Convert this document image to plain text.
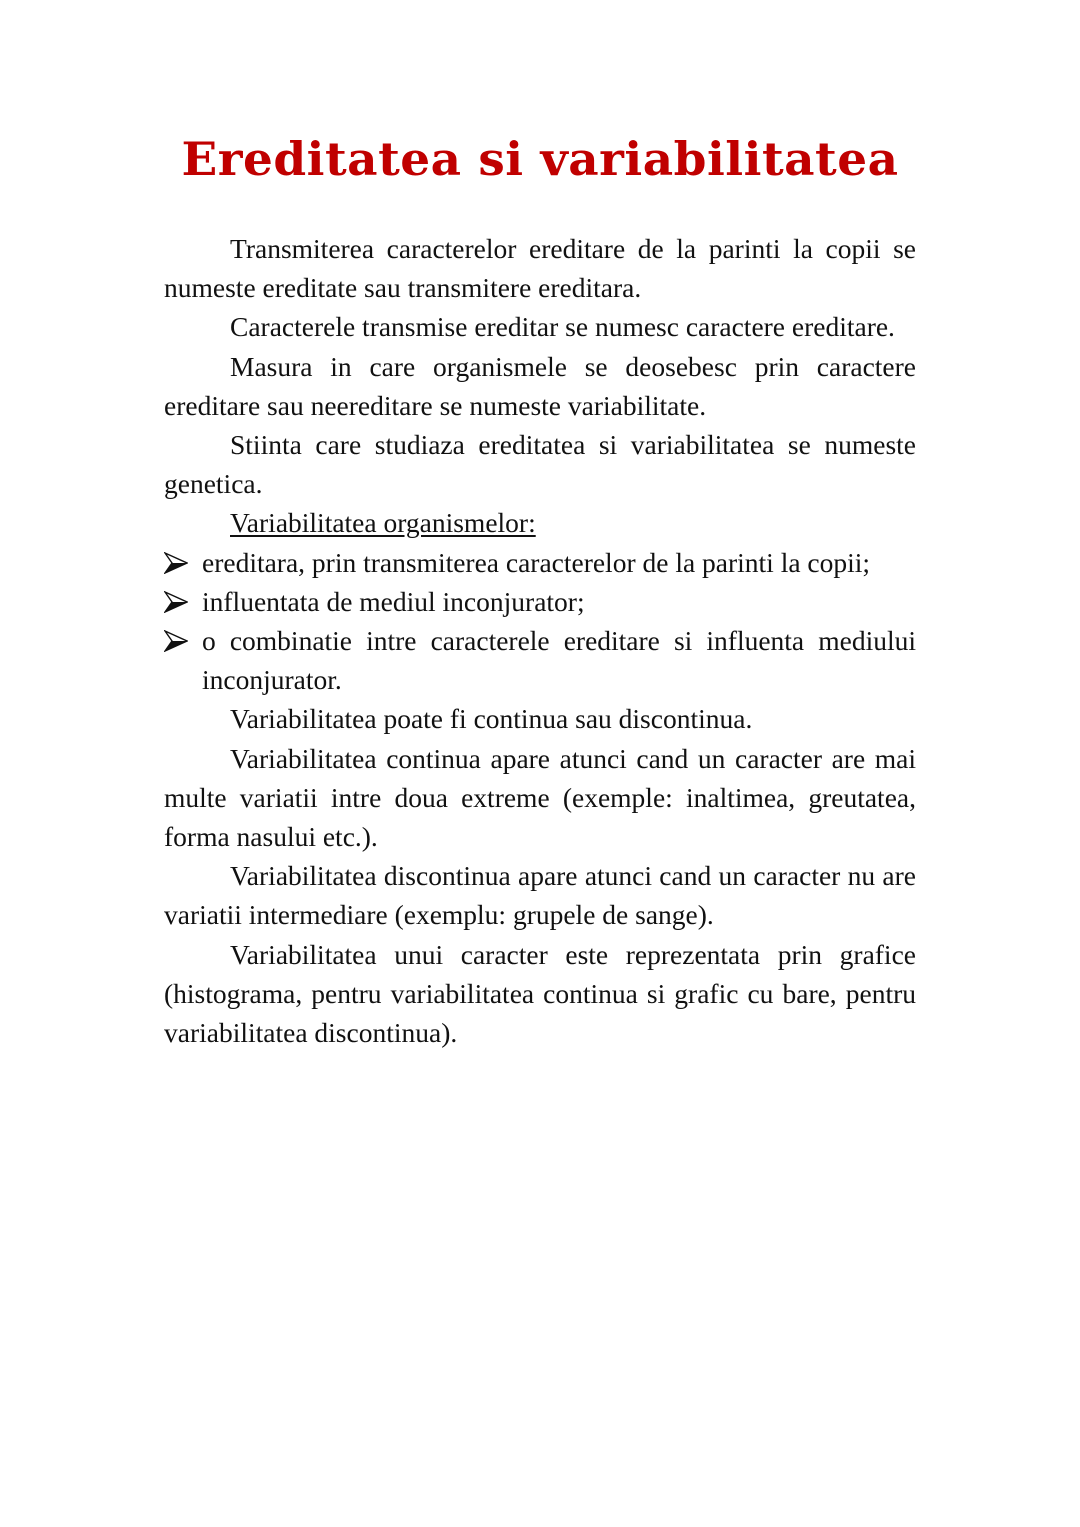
Ereditatea si variabilitatea

Transmiterea caracterelor ereditare de la parinti la copii se numeste ereditate sau transmitere ereditara.

Caracterele transmise ereditar se numesc caractere ereditare.

Masura in care organismele se deosebesc prin caractere ereditare sau neereditare se numeste variabilitate.

Stiinta care studiaza ereditatea si variabilitatea se numeste genetica.

Variabilitatea organismelor:

ereditara, prin transmiterea caracterelor de la parinti la copii;
influentata de mediul inconjurator;
o combinatie intre caracterele ereditare si influenta mediului inconjurator.

Variabilitatea poate fi continua sau discontinua.

Variabilitatea continua apare atunci cand un caracter are mai multe variatii intre doua extreme (exemple: inaltimea, greutatea, forma nasului etc.).

Variabilitatea discontinua apare atunci cand un caracter nu are variatii intermediare (exemplu: grupele de sange).

Variabilitatea unui caracter este reprezentata prin grafice (histograma, pentru variabilitatea continua si grafic cu bare, pentru variabilitatea discontinua).
